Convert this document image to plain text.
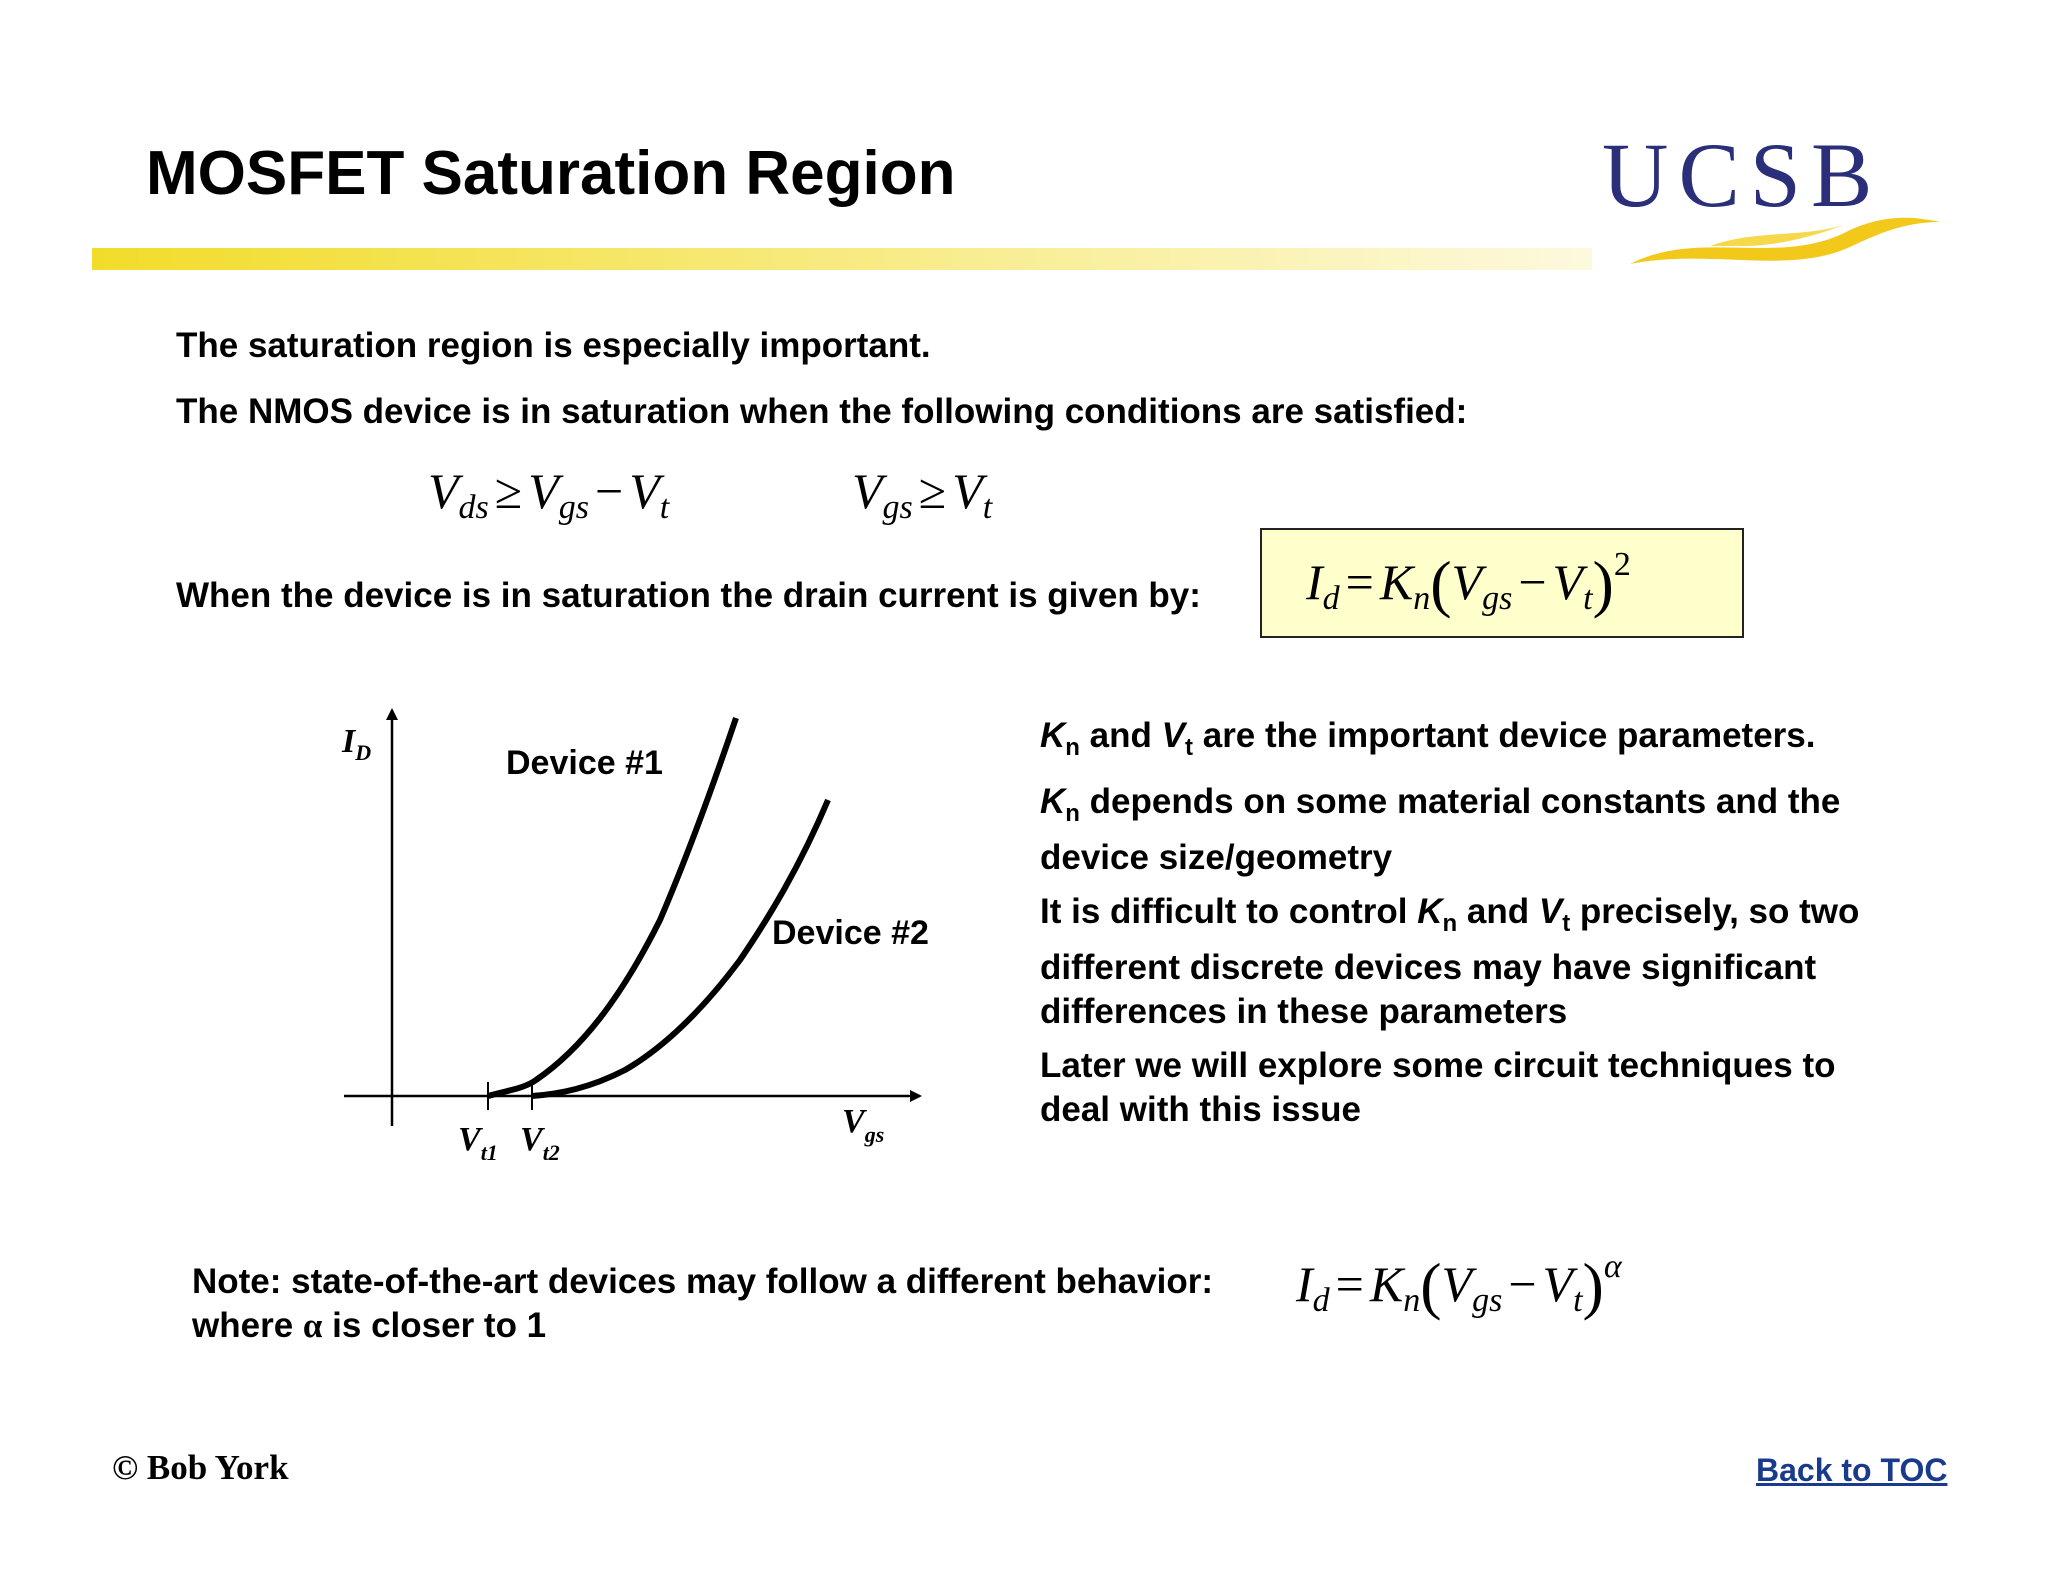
MOSFET Saturation Region	UCSB
The saturation region is especially important.
The NMOS device is in saturation when the following conditions are satisfied:
$V_{ds} \ge V_{gs} - V_t$	$V_{gs} \ge V_t$
When the device is in saturation the drain current is given by: $I_d = K_n(V_{gs} - V_t)^2$
$I_D$
$V_{gs}$
$V_{t1}$ $V_{t2}$
Device #1
Device #2
$K_n$ and $V_t$ are the important device parameters.
$K_n$ depends on some material constants and the device size/geometry
It is difficult to control $K_n$ and $V_t$ precisely, so two different discrete devices may have significant differences in these parameters
Later we will explore some circuit techniques to deal with this issue
Note: state-of-the-art devices may follow a different behavior:
where α is closer to 1
$I_d = K_n(V_{gs} - V_t)^\alpha$
© Bob York	Back to TOC
